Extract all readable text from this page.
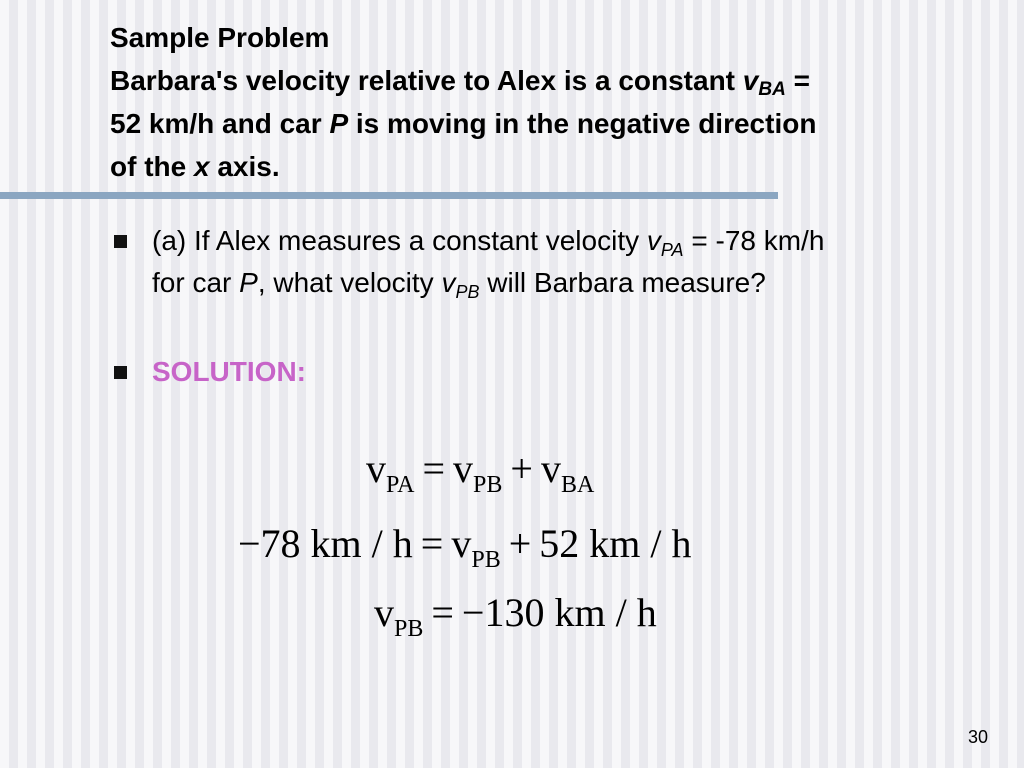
Sample Problem
Barbara's velocity relative to Alex is a constant $v_{BA}$ =
52 km/h and car P is moving in the negative direction
of the x axis.
(a) If Alex measures a constant velocity $v_{PA} = -78$ km/h
for car P, what velocity $v_{PB}$ will Barbara measure?
SOLUTION:
$v_{PA} = v_{PB} + v_{BA}$
−78 km / $h = v_{PB} + 52$ km / h
$v_{PB} = -130$ km / h
30
